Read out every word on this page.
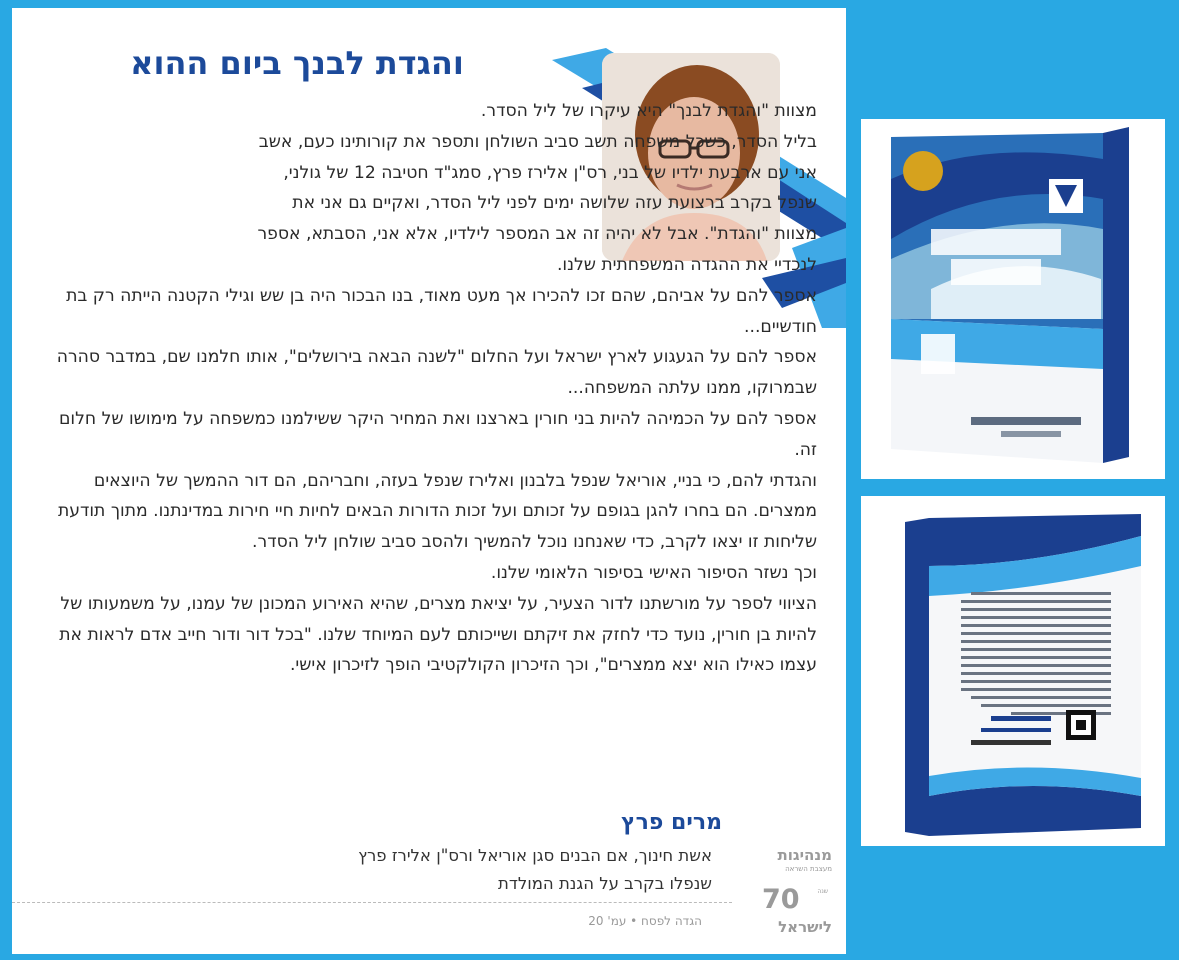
והגדת לבנך ביום ההוא

מצוות "והגדת לבנך" היא עיקרו של ליל הסדר.

בליל הסדר, כשכל משפחה תשב סביב השולחן ותספר את קורותינו כעם, אשב אני עם ארבעת ילדיו של בני, רס"ן אלירז פרץ, סמג"ד חטיבה 12 של גולני, שנפל בקרב ברצועת עזה שלושה ימים לפני ליל הסדר, ואקיים גם אני את מצוות "והגדת". אבל לא יהיה זה אב המספר לילדיו, אלא אני, הסבתא, אספר לנכדיי את ההגדה המשפחתית שלנו.

אספר להם על אביהם, שהם זכו להכירו אך מעט מאוד, בנו הבכור היה בן שש וגילי הקטנה הייתה רק בת חודשיים...

אספר להם על הגעגוע לארץ ישראל ועל החלום "לשנה הבאה בירושלים", אותו חלמנו שם, במדבר סהרה שבמרוקו, ממנו עלתה המשפחה...

אספר להם על הכמיהה להיות בני חורין בארצנו ואת המחיר היקר ששילמנו כמשפחה על מימושו של חלום זה.

והגדתי להם, כי בניי, אוריאל שנפל בלבנון ואלירז שנפל בעזה, וחבריהם, הם דור ההמשך של היוצאים ממצרים. הם בחרו להגן בגופם על זכותם ועל זכות הדורות הבאים לחיות חיי חירות במדינתנו. מתוך תודעת שליחות זו יצאו לקרב, כדי שאנחנו נוכל להמשיך ולהסב סביב שולחן ליל הסדר.

וכך נשזר הסיפור האישי בסיפור הלאומי שלנו.

הציווי לספר על מורשתנו לדור הצעיר, על יציאת מצרים, שהיא האירוע המכונן של עמנו, על משמעותו של להיות בן חורין, נועד כדי לחזק את זיקתם ושייכותם לעם המיוחד שלנו. "בכל דור ודור חייב אדם לראות את עצמו כאילו הוא יצא ממצרים", וכך הזיכרון הקולקטיבי הופך לזיכרון אישי.

מרים פרץ
אשת חינוך, אם הבנים סגן אוריאל ורס"ן אלירז פרץ
שנפלו בקרב על הגנת המולדת
הגדה לפסח • עמ' 20
מנהיגות
מעצבת השראה
70	שנה
לישראל
